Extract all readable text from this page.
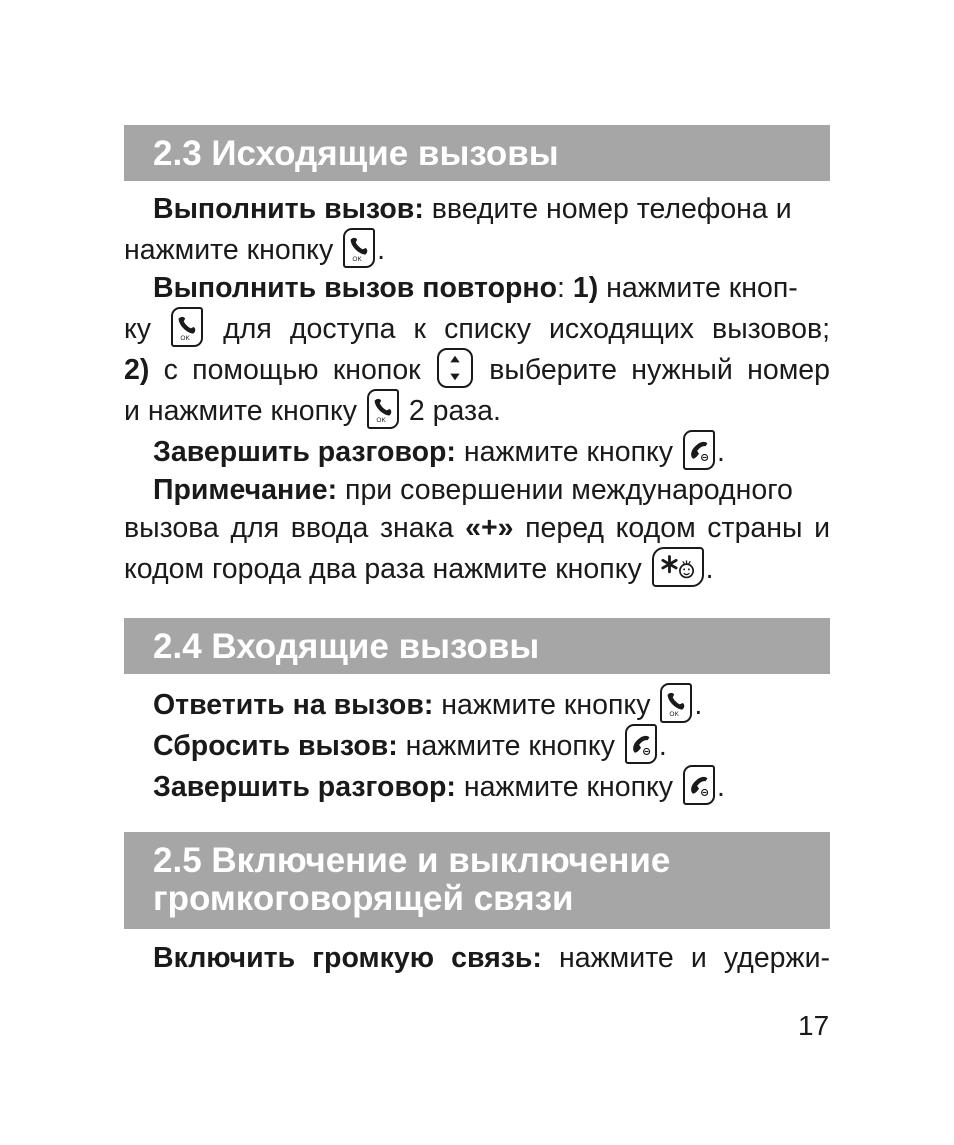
2.3 Исходящие вызовы

Выполнить вызов: введите номер телефона и
нажмите кнопку OK .

Выполнить вызов повторно: 1) нажмите кноп-

ку OK для доступа к списку исходящих вызовов;

2) с помощью кнопок
выберите нужный номер

и нажмите кнопку OK 2 раза.

Завершить разговор: нажмите кнопку
.

Примечание: при совершении международного

вызова для ввода знака «+» перед кодом страны и

кодом города два раза нажмите кнопку
.

2.4 Входящие вызовы

Ответить на вызов: нажмите кнопку OK .

Сбросить вызов: нажмите кнопку
.

Завершить разговор: нажмите кнопку
.

2.5 Включение и выключение
громкоговорящей связи

Включить громкую связь: нажмите и удержи-

17
